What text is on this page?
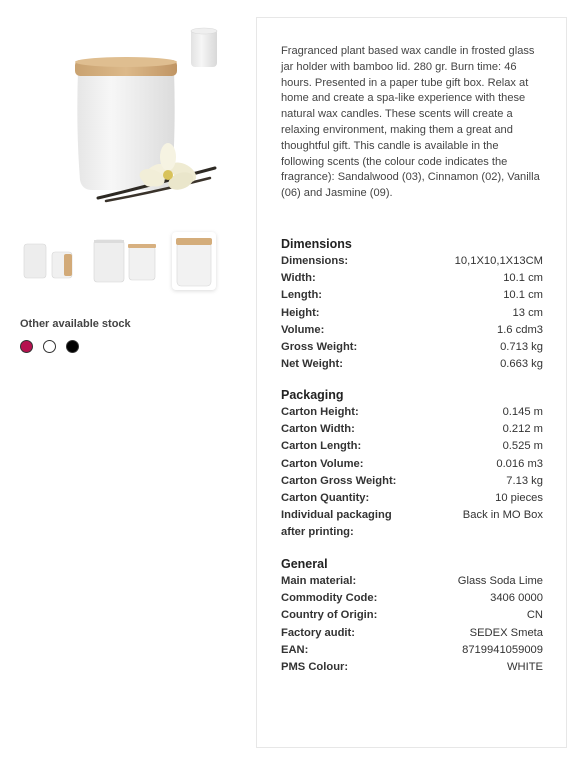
Other available stock

Fragranced plant based wax candle in frosted glass jar holder with bamboo lid. 280 gr. Burn time: 46 hours. Presented in a paper tube gift box. Relax at home and create a spa-like experience with these natural wax candles. These scents will create a relaxing environment, making them a great and thoughtful gift. This candle is available in the following scents (the colour code indicates the fragrance): Sandalwood (03), Cinnamon (02), Vanilla (06) and Jasmine (09).

Dimensions
Dimensions:	10,1X10,1X13CM
Width:	10.1 cm
Length:	10.1 cm
Height:	13 cm
Volume:	1.6 cdm3
Gross Weight:	0.713 kg
Net Weight:	0.663 kg
Packaging
Carton Height:	0.145 m
Carton Width:	0.212 m
Carton Length:	0.525 m
Carton Volume:	0.016 m3
Carton Gross Weight:	7.13 kg
Carton Quantity:	10 pieces
Individual packaging after printing:
Back in MO Box
General
Main material:	Glass Soda Lime
Commodity Code:	3406 0000
Country of Origin:	CN
Factory audit:	SEDEX Smeta
EAN:	8719941059009
PMS Colour:	WHITE
